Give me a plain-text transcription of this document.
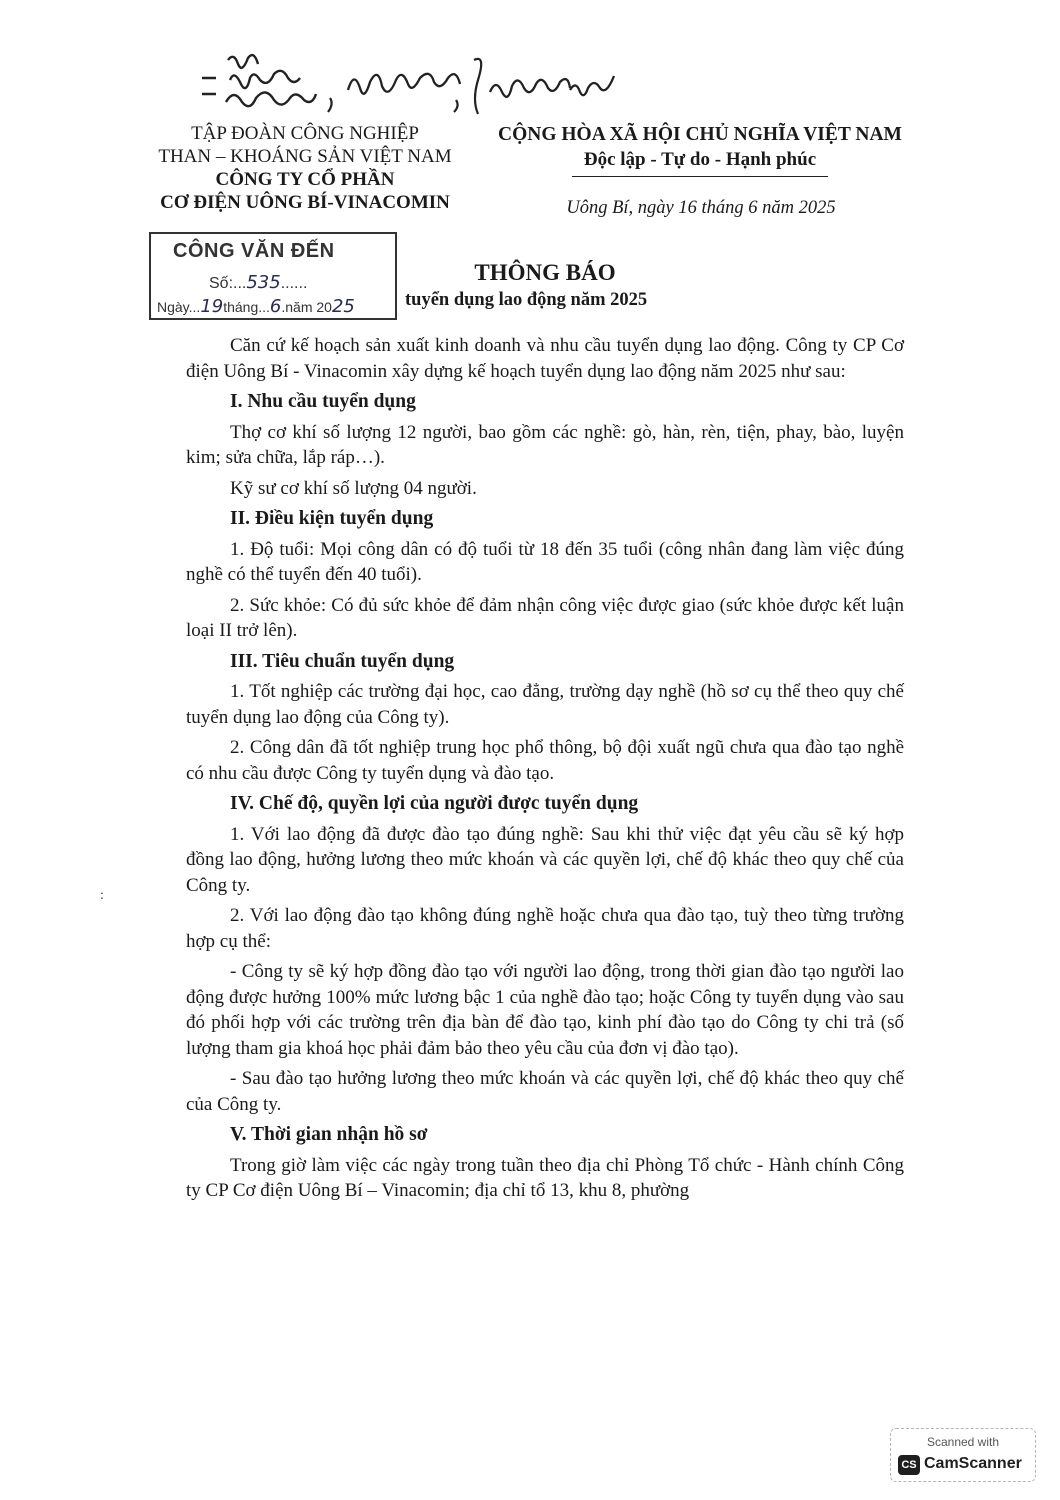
TẬP ĐOÀN CÔNG NGHIỆP
THAN – KHOÁNG SẢN VIỆT NAM
CÔNG TY CỔ PHẦN
CƠ ĐIỆN UÔNG BÍ-VINACOMIN
CỘNG HÒA XÃ HỘI CHỦ NGHĨA VIỆT NAM
Độc lập - Tự do - Hạnh phúc
Uông Bí, ngày 16 tháng 6 năm 2025
CÔNG VĂN ĐẾN
Số:...535......
Ngày...19tháng...6.năm 2025
THÔNG BÁO
tuyển dụng lao động năm 2025
:

Căn cứ kế hoạch sản xuất kinh doanh và nhu cầu tuyển dụng lao động. Công ty CP Cơ điện Uông Bí - Vinacomin xây dựng kế hoạch tuyển dụng lao động năm 2025 như sau:

I. Nhu cầu tuyển dụng

Thợ cơ khí số lượng 12 người, bao gồm các nghề: gò, hàn, rèn, tiện, phay, bào, luyện kim; sửa chữa, lắp ráp…).

Kỹ sư cơ khí số lượng 04 người.

II. Điều kiện tuyển dụng

1. Độ tuổi: Mọi công dân có độ tuổi từ 18 đến 35 tuổi (công nhân đang làm việc đúng nghề có thể tuyển đến 40 tuổi).

2. Sức khỏe: Có đủ sức khỏe để đảm nhận công việc được giao (sức khỏe được kết luận loại II trở lên).

III. Tiêu chuẩn tuyển dụng

1. Tốt nghiệp các trường đại học, cao đẳng, trường dạy nghề (hồ sơ cụ thể theo quy chế tuyển dụng lao động của Công ty).

2. Công dân đã tốt nghiệp trung học phổ thông, bộ đội xuất ngũ chưa qua đào tạo nghề có nhu cầu được Công ty tuyển dụng và đào tạo.

IV. Chế độ, quyền lợi của người được tuyển dụng

1. Với lao động đã được đào tạo đúng nghề: Sau khi thử việc đạt yêu cầu sẽ ký hợp đồng lao động, hưởng lương theo mức khoán và các quyền lợi, chế độ khác theo quy chế của Công ty.

2. Với lao động đào tạo không đúng nghề hoặc chưa qua đào tạo, tuỳ theo từng trường hợp cụ thể:

- Công ty sẽ ký hợp đồng đào tạo với người lao động, trong thời gian đào tạo người lao động được hưởng 100% mức lương bậc 1 của nghề đào tạo; hoặc Công ty tuyển dụng vào sau đó phối hợp với các trường trên địa bàn để đào tạo, kinh phí đào tạo do Công ty chi trả (số lượng tham gia khoá học phải đảm bảo theo yêu cầu của đơn vị đào tạo).

- Sau đào tạo hưởng lương theo mức khoán và các quyền lợi, chế độ khác theo quy chế của Công ty.

V. Thời gian nhận hồ sơ

Trong giờ làm việc các ngày trong tuần theo địa chỉ Phòng Tổ chức - Hành chính Công ty CP Cơ điện Uông Bí – Vinacomin; địa chỉ tổ 13, khu 8, phường

Scanned with
CS CamScanner
